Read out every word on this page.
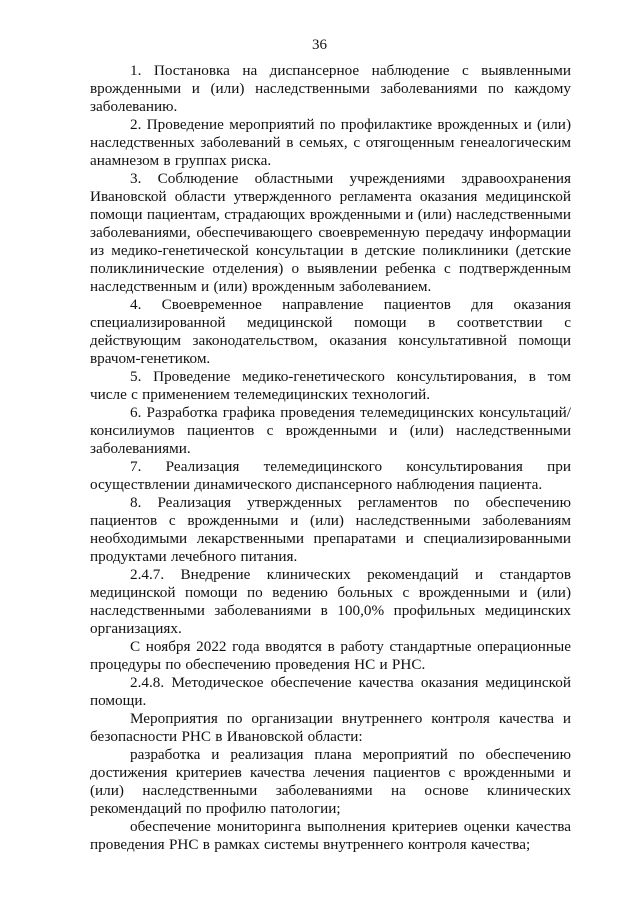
36

1. Постановка на диспансерное наблюдение с выявленными врожденными и (или) наследственными заболеваниями по каждому заболеванию.

2. Проведение мероприятий по профилактике врожденных и (или) наследственных заболеваний в семьях, с отягощенным генеалогическим анамнезом в группах риска.

3. Соблюдение областными учреждениями здравоохранения Ивановской области утвержденного регламента оказания медицинской помощи пациентам, страдающих врожденными и (или) наследственными заболеваниями, обеспечивающего своевременную передачу информации из медико-генетической консультации в детские поликлиники (детские поликлинические отделения) о выявлении ребенка с подтвержденным наследственным и (или) врожденным заболеванием.

4. Своевременное направление пациентов для оказания специализированной медицинской помощи в соответствии с действующим законодательством, оказания консультативной помощи врачом-генетиком.

5. Проведение медико-генетического консультирования, в том числе с применением телемедицинских технологий.

6. Разработка графика проведения телемедицинских консультаций/консилиумов пациентов с врожденными и (или) наследственными заболеваниями.

7. Реализация телемедицинского консультирования при осуществлении динамического диспансерного наблюдения пациента.

8. Реализация утвержденных регламентов по обеспечению пациентов с врожденными и (или) наследственными заболеваниям необходимыми лекарственными препаратами и специализированными продуктами лечебного питания.

2.4.7. Внедрение клинических рекомендаций и стандартов медицинской помощи по ведению больных с врожденными и (или) наследственными заболеваниями в 100,0% профильных медицинских организациях.

С ноября 2022 года вводятся в работу стандартные операционные процедуры по обеспечению проведения НС и РНС.

2.4.8. Методическое обеспечение качества оказания медицинской помощи.

Мероприятия по организации внутреннего контроля качества и безопасности РНС в Ивановской области:

разработка и реализация плана мероприятий по обеспечению достижения критериев качества лечения пациентов с врожденными и (или) наследственными заболеваниями на основе клинических рекомендаций по профилю патологии;

обеспечение мониторинга выполнения критериев оценки качества проведения РНС в рамках системы внутреннего контроля качества;
